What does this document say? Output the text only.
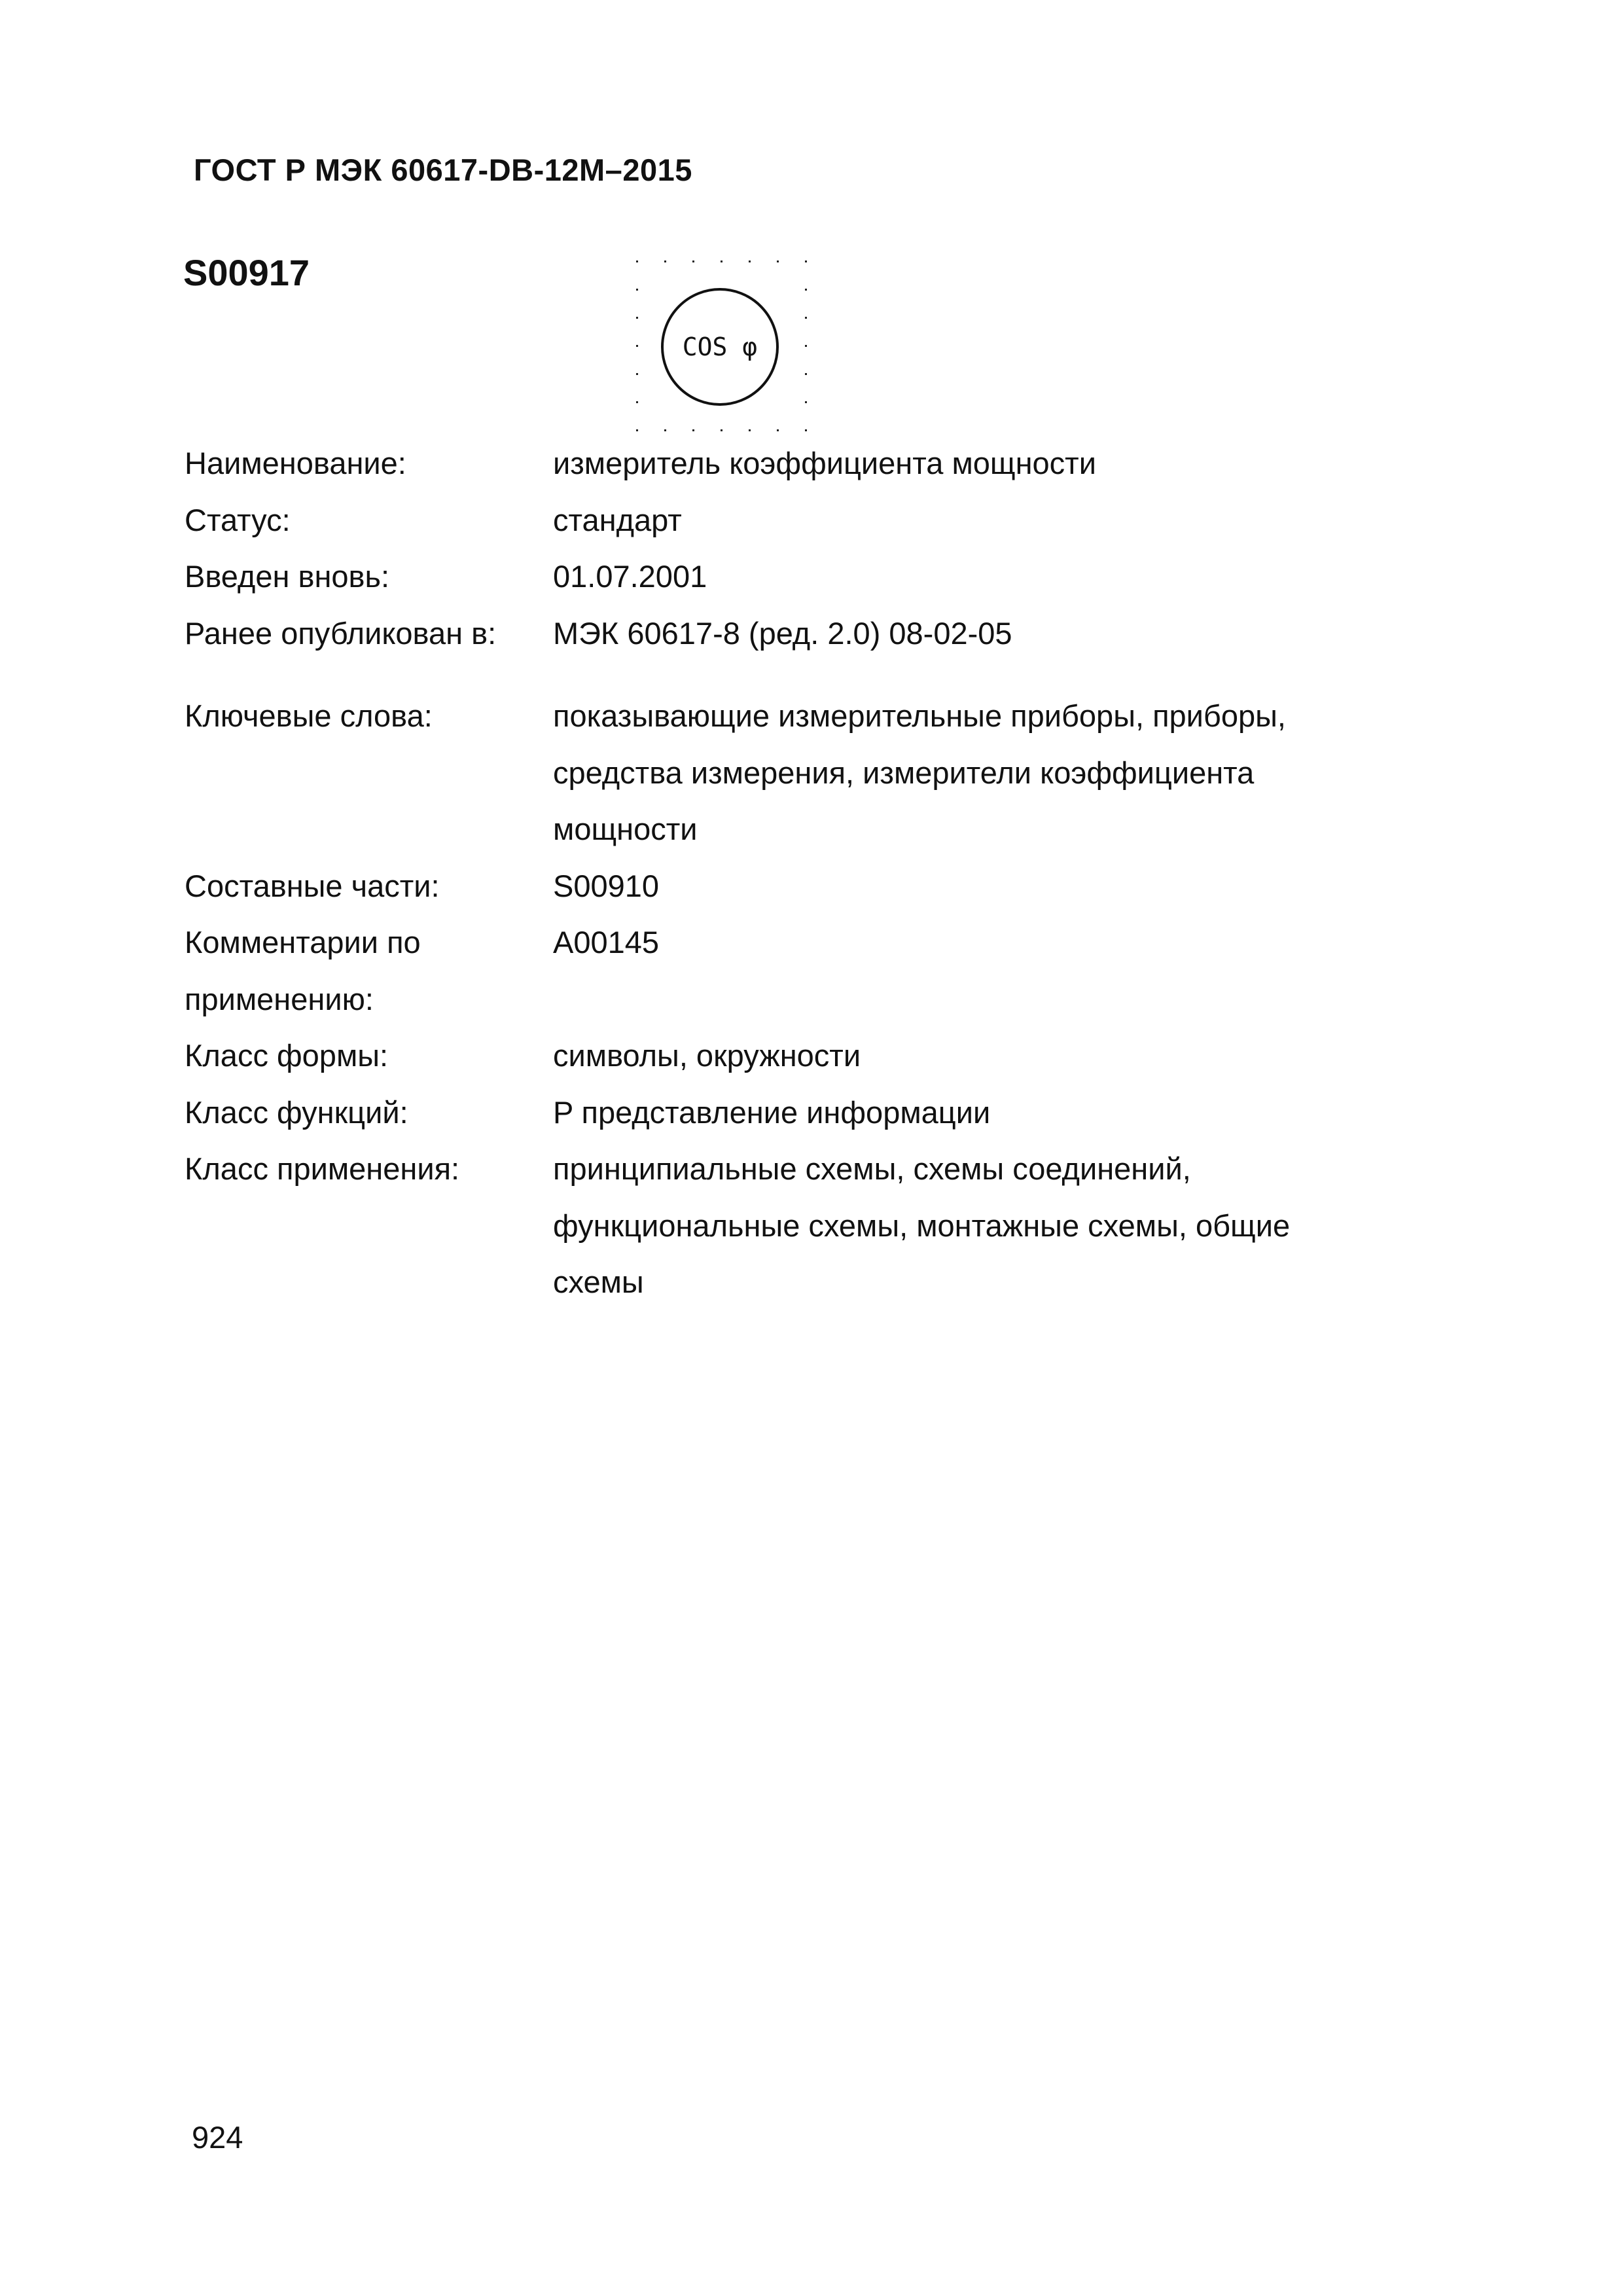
ГОСТ Р МЭК 60617-DB-12М–2015
S00917
COS φ
Наименование:	измеритель коэффициента мощности
Статус:	стандарт
Введен вновь:	01.07.2001
Ранее опубликован в:	МЭК 60617-8 (ред. 2.0) 08-02-05
Ключевые слова:	показывающие измерительные приборы, приборы,
средства измерения, измерители коэффициента
мощности
Составные части:	S00910
Комментарии по
применению:
A00145
Класс формы:	символы, окружности
Класс функций:	P представление информации
Класс применения:	принципиальные схемы, схемы соединений,
функциональные схемы, монтажные схемы, общие
схемы
924
